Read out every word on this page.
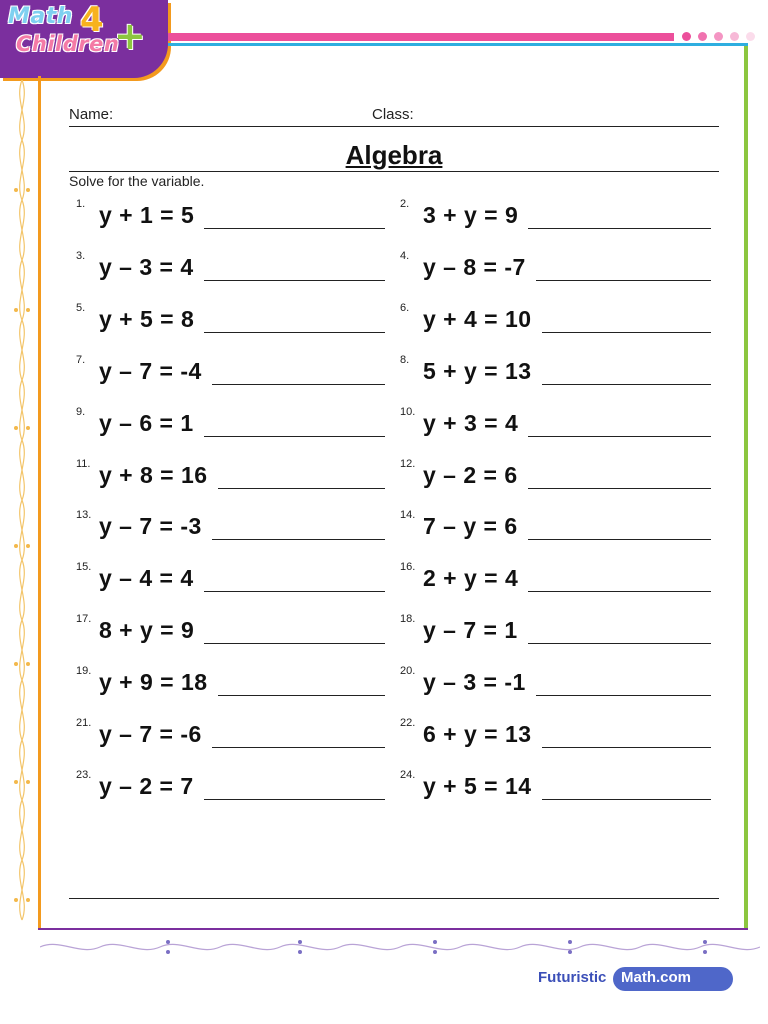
Math 4
Children
+
Name:	Class:
Algebra
Solve for the variable.
1. y + 1 = 5	2. 3 + y = 9
3. y – 3 = 4	4. y – 8 = -7
5. y + 5 = 8	6. y + 4 = 10
7. y – 7 = -4	8. 5 + y = 13
9. y – 6 = 1	10. y + 3 = 4
11. y + 8 = 16	12. y – 2 = 6
13. y – 7 = -3	14. 7 – y = 6
15. y – 4 = 4	16. 2 + y = 4
17. 8 + y = 9	18. y – 7 = 1
19. y + 9 = 18	20. y – 3 = -1
21. y – 7 = -6	22. 6 + y = 13
23. y – 2 = 7	24. y + 5 = 14
Futuristic Math.com
